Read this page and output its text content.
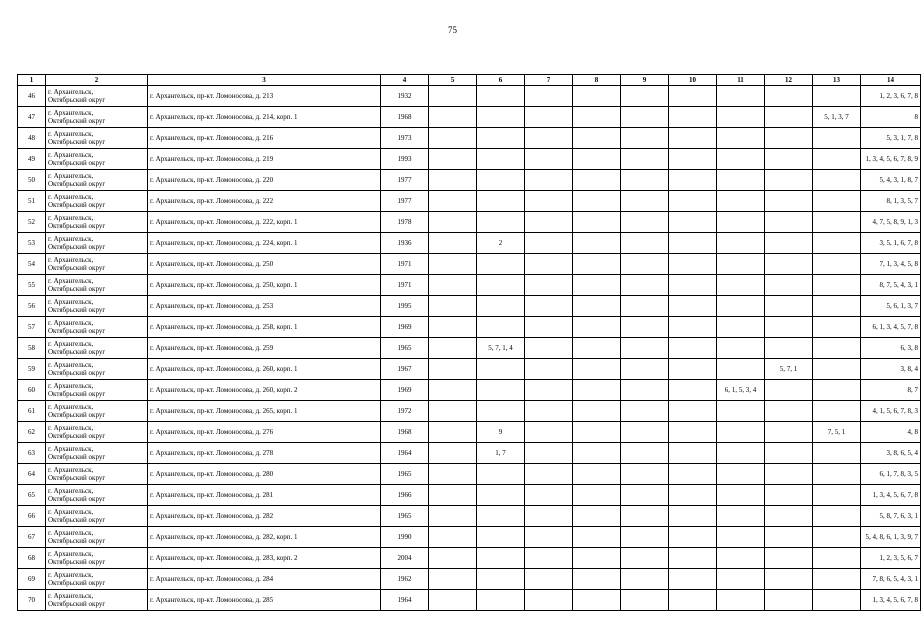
75
1	2	3	4	5	6	7	8	9	10	11	12	13	14
46	г. Архангельск,
Октябрьский округ	г. Архангельск, пр-кт. Ломоносова, д. 213	1932										1, 2, 3, 6, 7, 8
47	г. Архангельск,
Октябрьский округ	г. Архангельск, пр-кт. Ломоносова, д. 214, корп. 1	1968									5, 1, 3, 7	8
48	г. Архангельск,
Октябрьский округ	г. Архангельск, пр-кт. Ломоносова, д. 216	1973										5, 3, 1, 7, 8
49	г. Архангельск,
Октябрьский округ	г. Архангельск, пр-кт. Ломоносова, д. 219	1993										1, 3, 4, 5, 6, 7, 8, 9
50	г. Архангельск,
Октябрьский округ	г. Архангельск, пр-кт. Ломоносова, д. 220	1977										5, 4, 3, 1, 8, 7
51	г. Архангельск,
Октябрьский округ	г. Архангельск, пр-кт. Ломоносова, д. 222	1977										8, 1, 3, 5, 7
52	г. Архангельск,
Октябрьский округ	г. Архангельск, пр-кт. Ломоносова, д. 222, корп. 1	1978										4, 7, 5, 8, 9, 1, 3
53	г. Архангельск,
Октябрьский округ	г. Архангельск, пр-кт. Ломоносова, д. 224, корп. 1	1936		2								3, 5, 1, 6, 7, 8
54	г. Архангельск,
Октябрьский округ	г. Архангельск, пр-кт. Ломоносова, д. 250	1971										7, 1, 3, 4, 5, 8
55	г. Архангельск,
Октябрьский округ	г. Архангельск, пр-кт. Ломоносова, д. 250, корп. 1	1971										8, 7, 5, 4, 3, 1
56	г. Архангельск,
Октябрьский округ	г. Архангельск, пр-кт. Ломоносова, д. 253	1995										5, 6, 1, 3, 7
57	г. Архангельск,
Октябрьский округ	г. Архангельск, пр-кт. Ломоносова, д. 258, корп. 1	1969										6, 1, 3, 4, 5, 7, 8
58	г. Архангельск,
Октябрьский округ	г. Архангельск, пр-кт. Ломоносова, д. 259	1965		5, 7, 1, 4								6, 3, 8
59	г. Архангельск,
Октябрьский округ	г. Архангельск, пр-кт. Ломоносова, д. 260, корп. 1	1967								5, 7, 1		3, 8, 4
60	г. Архангельск,
Октябрьский округ	г. Архангельск, пр-кт. Ломоносова, д. 260, корп. 2	1969							6, 1, 5, 3, 4			8, 7
61	г. Архангельск,
Октябрьский округ	г. Архангельск, пр-кт. Ломоносова, д. 265, корп. 1	1972										4, 1, 5, 6, 7, 8, 3
62	г. Архангельск,
Октябрьский округ	г. Архангельск, пр-кт. Ломоносова, д. 276	1968		9							7, 5, 1	4, 8
63	г. Архангельск,
Октябрьский округ	г. Архангельск, пр-кт. Ломоносова, д. 278	1964		1, 7								3, 8, 6, 5, 4
64	г. Архангельск,
Октябрьский округ	г. Архангельск, пр-кт. Ломоносова, д. 280	1965										6, 1, 7, 8, 3, 5
65	г. Архангельск,
Октябрьский округ	г. Архангельск, пр-кт. Ломоносова, д. 281	1966										1, 3, 4, 5, 6, 7, 8
66	г. Архангельск,
Октябрьский округ	г. Архангельск, пр-кт. Ломоносова, д. 282	1965										5, 8, 7, 6, 3, 1
67	г. Архангельск,
Октябрьский округ	г. Архангельск, пр-кт. Ломоносова, д. 282, корп. 1	1990										5, 4, 8, 6, 1, 3, 9, 7
68	г. Архангельск,
Октябрьский округ	г. Архангельск, пр-кт. Ломоносова, д. 283, корп. 2	2004										1, 2, 3, 5, 6, 7
69	г. Архангельск,
Октябрьский округ	г. Архангельск, пр-кт. Ломоносова, д. 284	1962										7, 8, 6, 5, 4, 3, 1
70	г. Архангельск,
Октябрьский округ	г. Архангельск, пр-кт. Ломоносова, д. 285	1964										1, 3, 4, 5, 6, 7, 8
